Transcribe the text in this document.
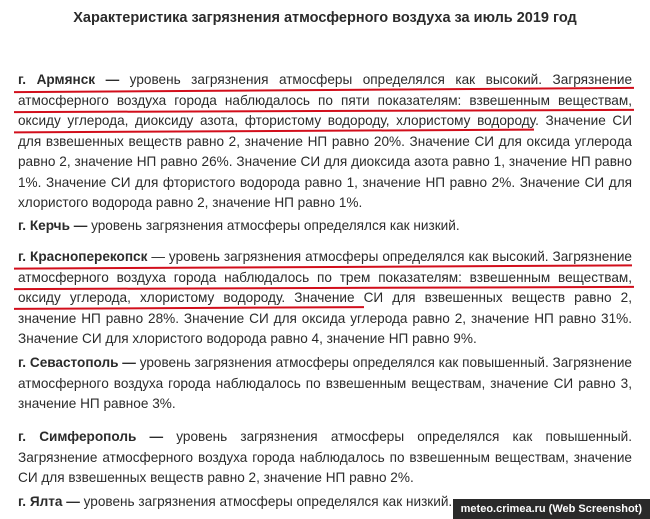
Характеристика загрязнения атмосферного воздуха за июль 2019 год

г. Армянск — уровень загрязнения атмосферы определялся как высокий. Загрязнение атмосферного воздуха города наблюдалось по пяти показателям: взвешенным веществам, оксиду углерода, диоксиду азота, фтористому водороду, хлористому водороду. Значение СИ для взвешенных веществ равно 2, значение НП равно 20%. Значение СИ для оксида углерода равно 2, значение НП равно 26%. Значение СИ для диоксида азота равно 1, значение НП равно 1%. Значение СИ для фтористого водорода равно 1, значение НП равно 2%. Значение СИ для хлористого водорода равно 2, значение НП равно 1%.

г. Керчь — уровень загрязнения атмосферы определялся как низкий.

г. Красноперекопск — уровень загрязнения атмосферы определялся как высокий. Загрязнение атмосферного воздуха города наблюдалось по трем показателям: взвешенным веществам, оксиду углерода, хлористому водороду. Значение СИ для взвешенных веществ равно 2, значение НП равно 28%. Значение СИ для оксида углерода равно 2, значение НП равно 31%. Значение СИ для хлористого водорода равно 4, значение НП равно 9%.

г. Севастополь — уровень загрязнения атмосферы определялся как повышенный. Загрязнение атмосферного воздуха города наблюдалось по взвешенным веществам, значение СИ равно 3, значение НП равное 3%.

г. Симферополь — уровень загрязнения атмосферы определялся как повышенный. Загрязнение атмосферного воздуха города наблюдалось по взвешенным веществам, значение СИ для взвешенных веществ равно 2, значение НП равно 2%.

г. Ялта — уровень загрязнения атмосферы определялся как низкий. meteo.crimea.ru (Web Screenshot)
